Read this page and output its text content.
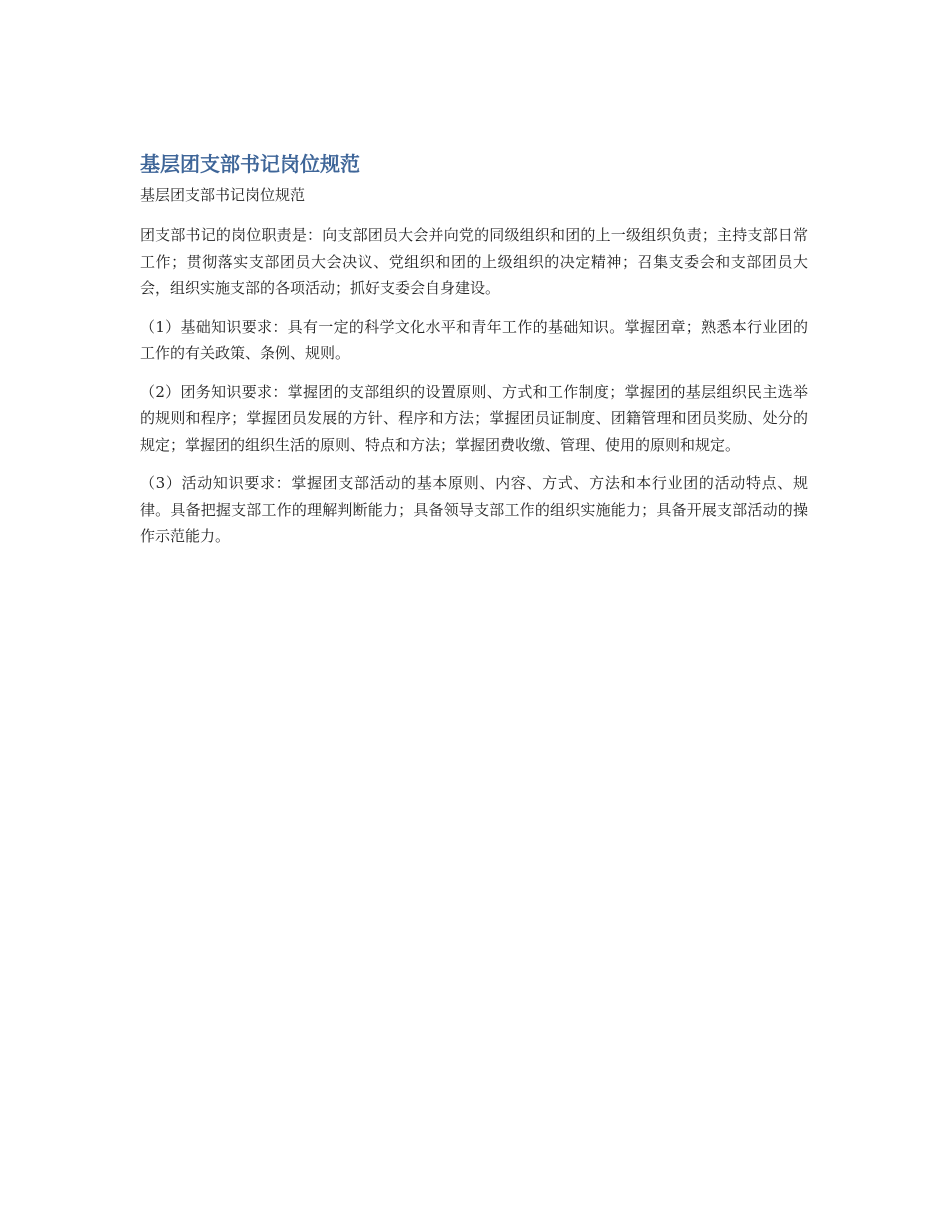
基层团支部书记岗位规范

基层团支部书记岗位规范

团支部书记的岗位职责是：向支部团员大会并向党的同级组织和团的上一级组织负责；主持支部日常工作；贯彻落实支部团员大会决议、党组织和团的上级组织的决定精神；召集支委会和支部团员大会，组织实施支部的各项活动；抓好支委会自身建设。

（1）基础知识要求：具有一定的科学文化水平和青年工作的基础知识。掌握团章；熟悉本行业团的工作的有关政策、条例、规则。

（2）团务知识要求：掌握团的支部组织的设置原则、方式和工作制度；掌握团的基层组织民主选举的规则和程序；掌握团员发展的方针、程序和方法；掌握团员证制度、团籍管理和团员奖励、处分的规定；掌握团的组织生活的原则、特点和方法；掌握团费收缴、管理、使用的原则和规定。

（3）活动知识要求：掌握团支部活动的基本原则、内容、方式、方法和本行业团的活动特点、规律。具备把握支部工作的理解判断能力；具备领导支部工作的组织实施能力；具备开展支部活动的操作示范能力。
